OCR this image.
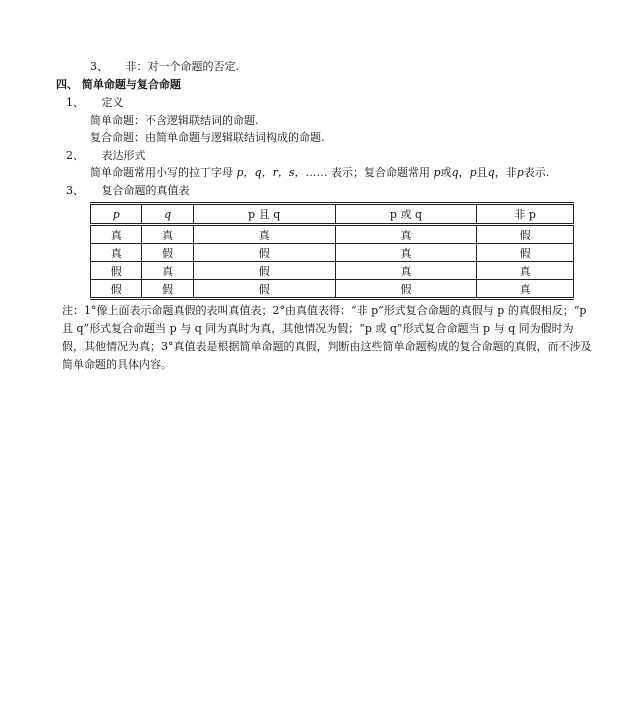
3、 非：对一个命题的否定.
四、 简单命题与复合命题
1、 定义
简单命题：不含逻辑联结词的命题.
复合命题：由简单命题与逻辑联结词构成的命题.
2、 表达形式
简单命题常用小写的拉丁字母 p，q，r，s，…… 表示；复合命题常用 p或q，p且q，非p表示.
3、 复合命题的真值表
p	q	p 且 q	p 或 q	非 p
真	真	真	真	假
真	假	假	真	假
假	真	假	真	真
假	假	假	假	真
注：1°像上面表示命题真假的表叫真值表；2°由真值表得：“非 p”形式复合命题的真假与 p 的真假相反；“p 且 q”形式复合命题当 p 与 q 同为真时为真，其他情况为假；“p 或 q”形式复合命题当 p 与 q 同为假时为假，其他情况为真；3°真值表是根据简单命题的真假，判断由这些简单命题构成的复合命题的真假，而不涉及简单命题的具体内容。
